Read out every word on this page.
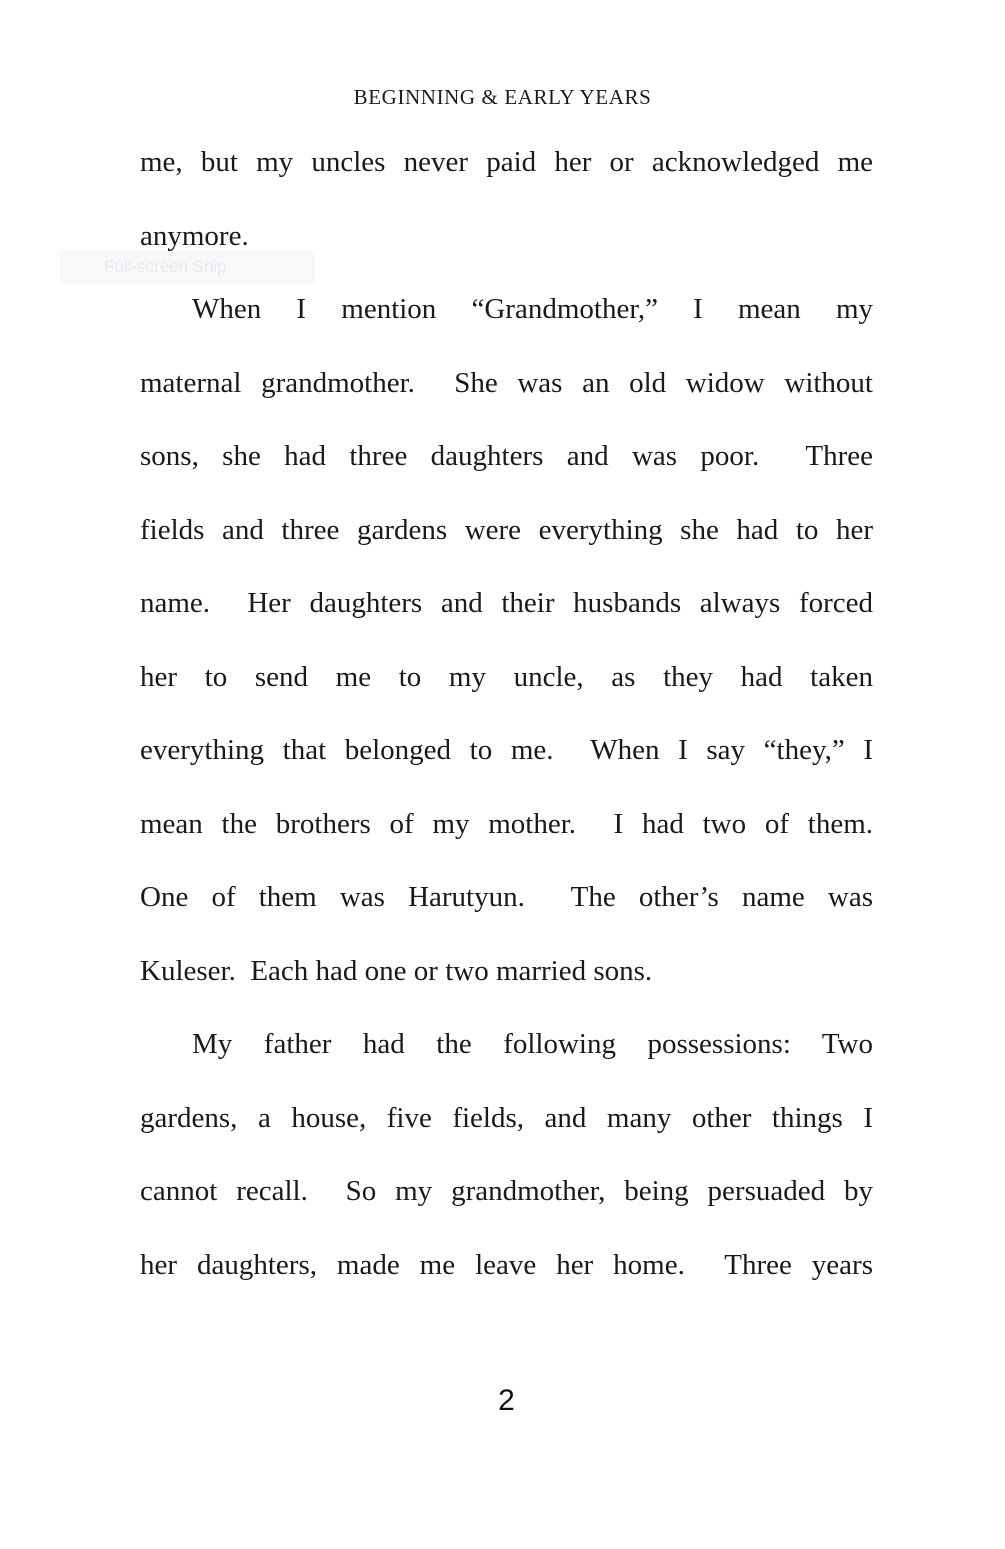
BEGINNING & EARLY YEARS
Full-screen Snip
me, but my uncles never paid her or acknowledged me
anymore.
When I mention “Grandmother,” I mean my
maternal grandmother.  She was an old widow without
sons, she had three daughters and was poor.  Three
fields and three gardens were everything she had to her
name.  Her daughters and their husbands always forced
her to send me to my uncle, as they had taken
everything that belonged to me.  When I say “they,” I
mean the brothers of my mother.  I had two of them.
One of them was Harutyun.  The other’s name was
Kuleser.  Each had one or two married sons.
My father had the following possessions: Two
gardens, a house, five fields, and many other things I
cannot recall.  So my grandmother, being persuaded by
her daughters, made me leave her home.  Three years
2
